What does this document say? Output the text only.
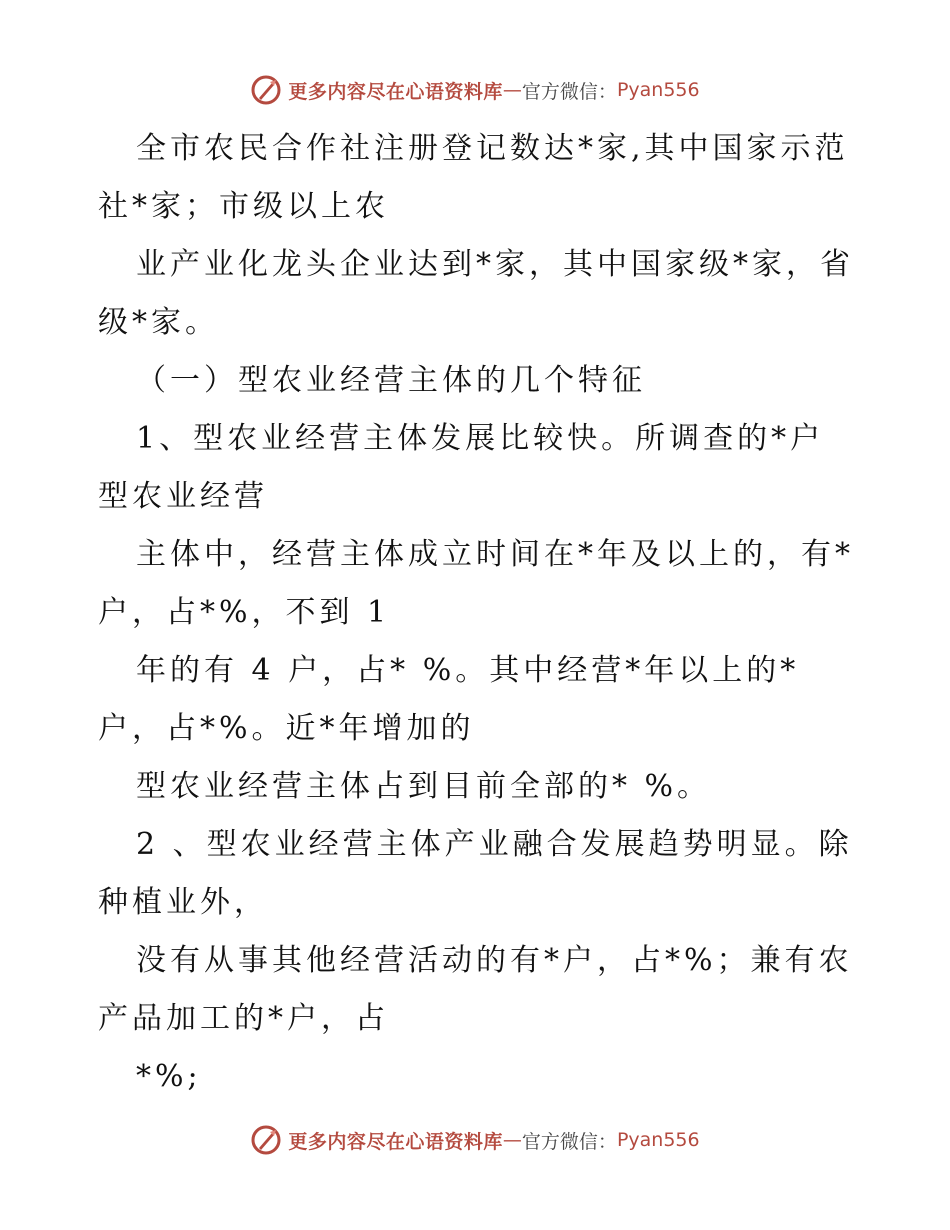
更多内容尽在心语资料库 — 官方微信： Pyan556

全市农民合作社注册登记数达*家,其中国家示范社*家；市级以上农

业产业化龙头企业达到*家，其中国家级*家，省级*家。

（一）型农业经营主体的几个特征

1、型农业经营主体发展比较快。所调查的*户型农业经营

主体中，经营主体成立时间在*年及以上的，有*户，占*%，不到 1

年的有 4 户，占* %。其中经营*年以上的*户，占*%。近*年增加的

型农业经营主体占到目前全部的* %。

2 、型农业经营主体产业融合发展趋势明显。除种植业外，

没有从事其他经营活动的有*户，占*%；兼有农产品加工的*户，占

*%;

更多内容尽在心语资料库 — 官方微信： Pyan556
